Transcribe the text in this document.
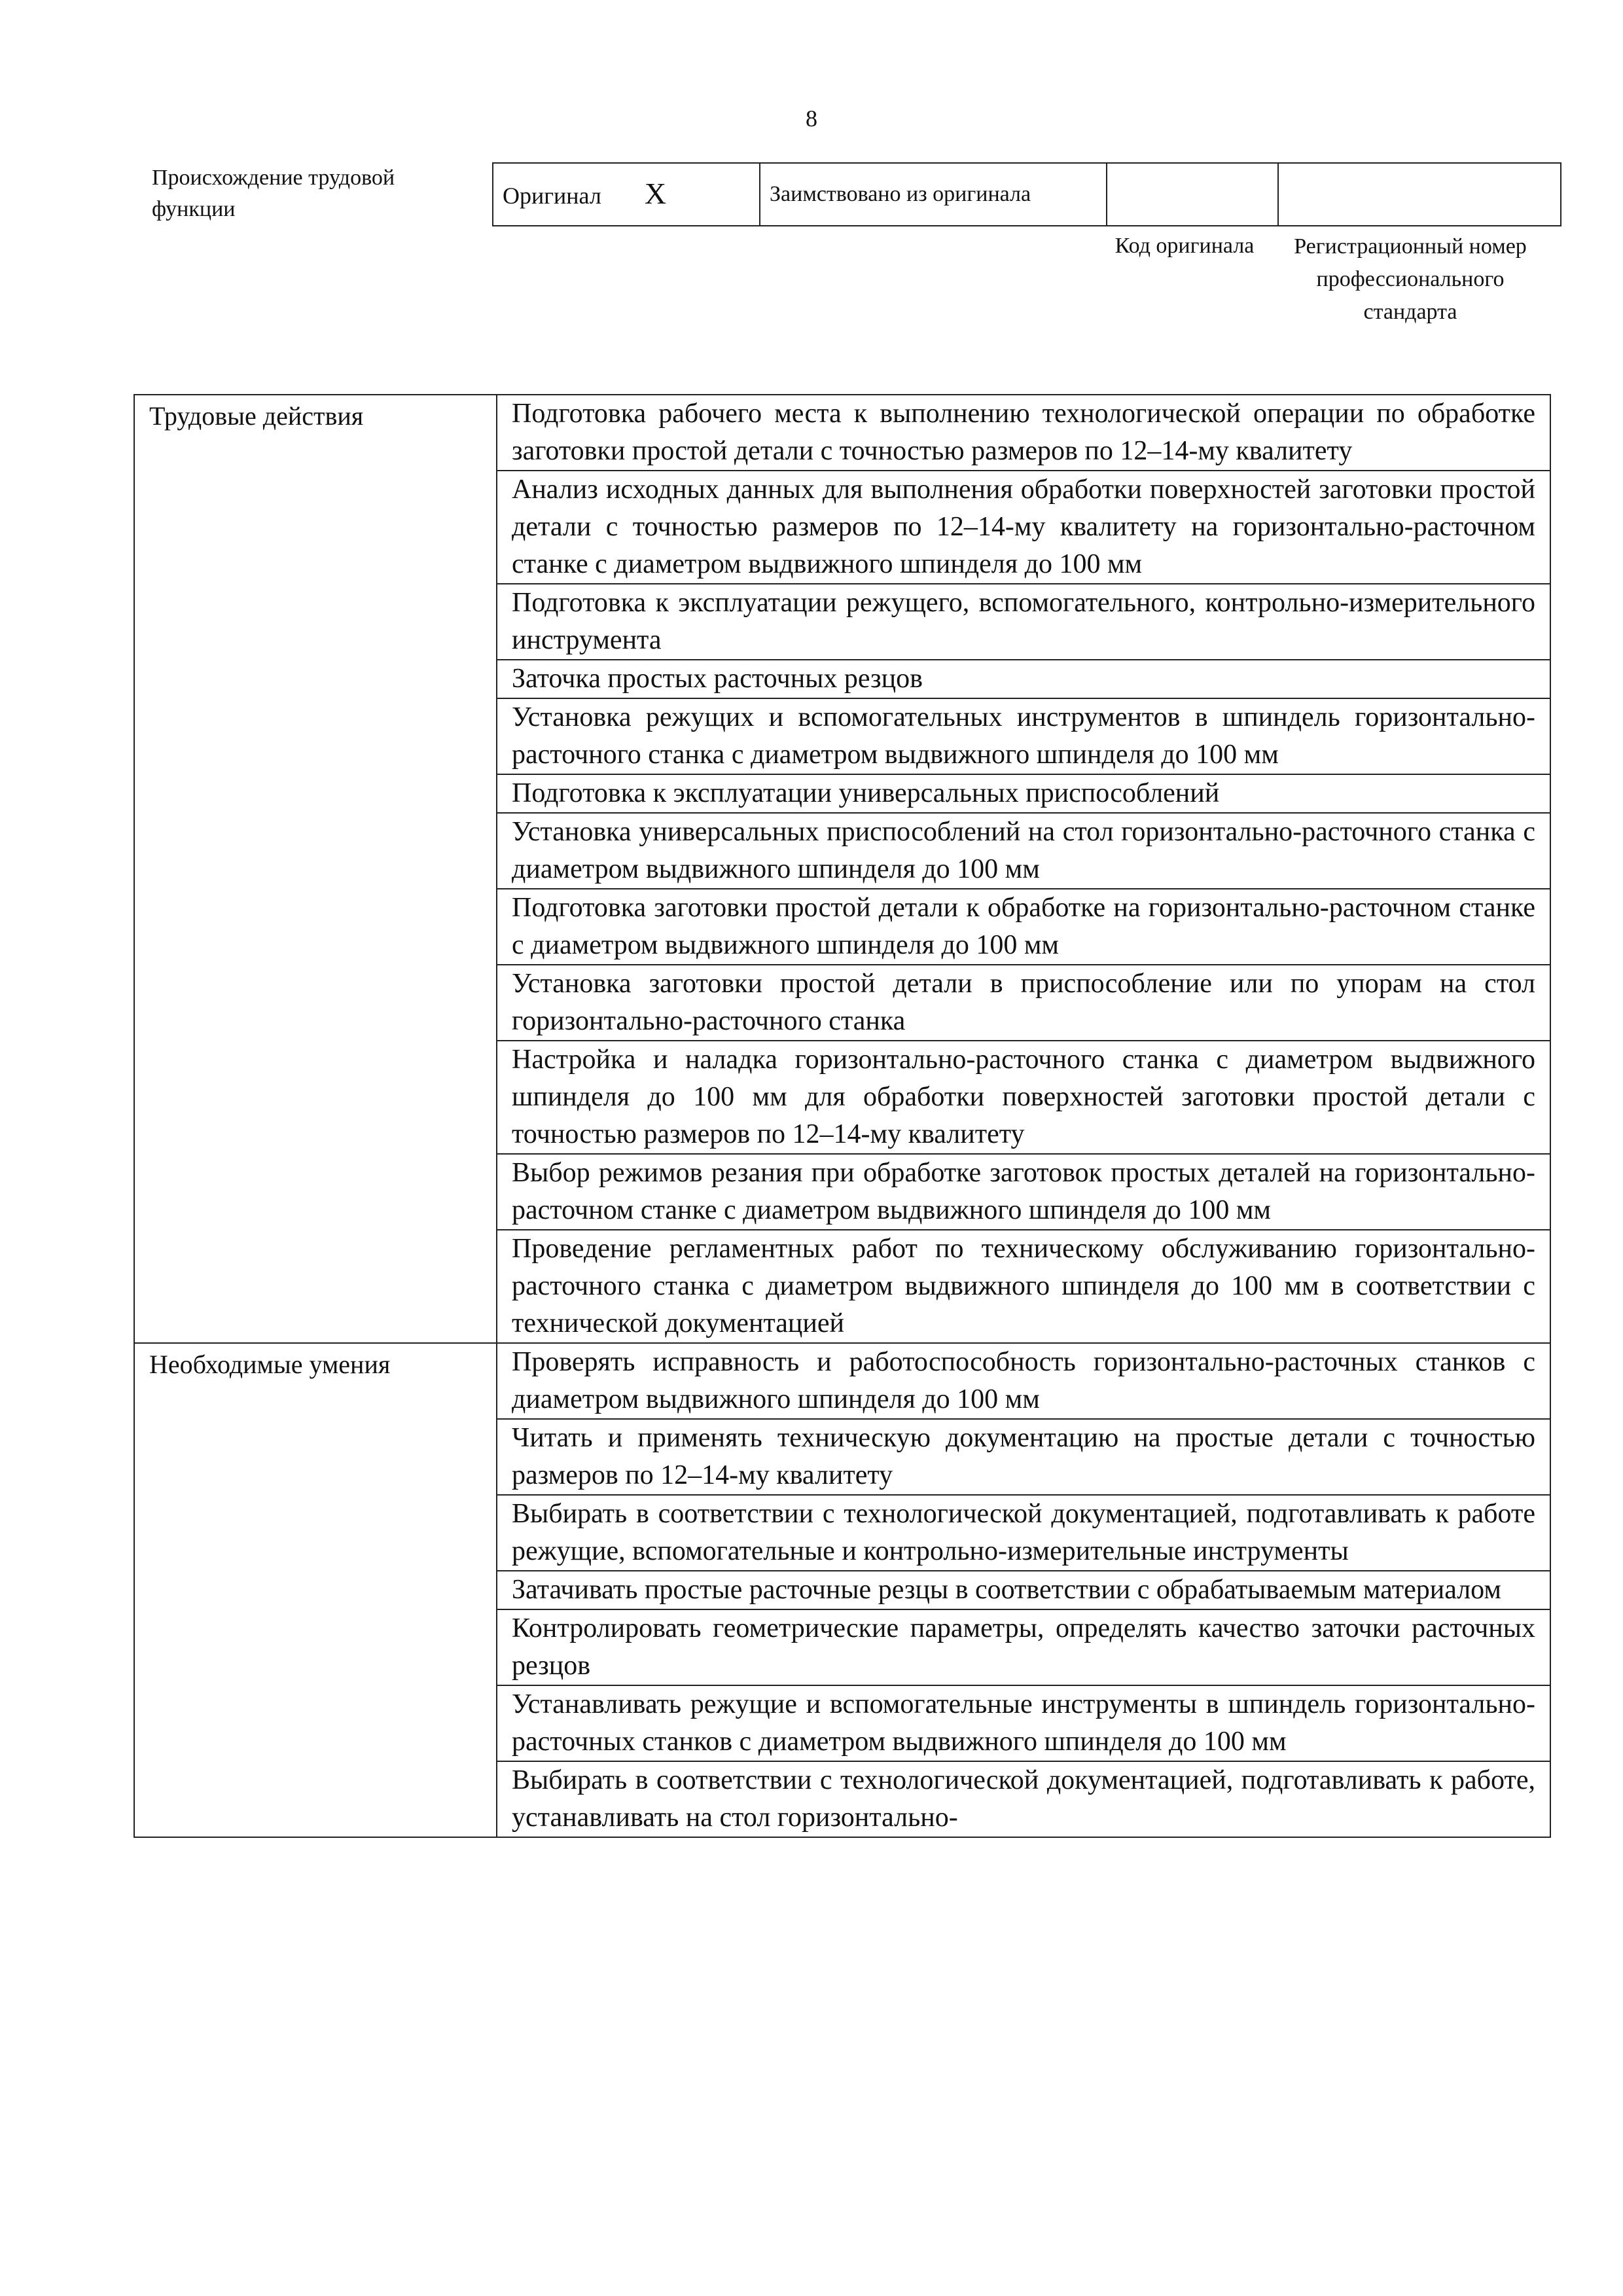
8
Происхождение трудовой функции
Оригинал X	Заимствовано из оригинала		
Код оригинала	Регистрационный номер профессионального стандарта
Трудовые действия	Подготовка рабочего места к выполнению технологической операции по обработке заготовки простой детали с точностью размеров по 12–14-му квалитету
	Анализ исходных данных для выполнения обработки поверхностей заготовки простой детали с точностью размеров по 12–14-му квалитету на горизонтально-расточном станке с диаметром выдвижного шпинделя до 100 мм
	Подготовка к эксплуатации режущего, вспомогательного, контрольно-измерительного инструмента
	Заточка простых расточных резцов
	Установка режущих и вспомогательных инструментов в шпиндель горизонтально-расточного станка с диаметром выдвижного шпинделя до 100 мм
	Подготовка к эксплуатации универсальных приспособлений
	Установка универсальных приспособлений на стол горизонтально-расточного станка с диаметром выдвижного шпинделя до 100 мм
	Подготовка заготовки простой детали к обработке на горизонтально-расточном станке с диаметром выдвижного шпинделя до 100 мм
	Установка заготовки простой детали в приспособление или по упорам на стол горизонтально-расточного станка
	Настройка и наладка горизонтально-расточного станка с диаметром выдвижного шпинделя до 100 мм для обработки поверхностей заготовки простой детали с точностью размеров по 12–14-му квалитету
	Выбор режимов резания при обработке заготовок простых деталей на горизонтально-расточном станке с диаметром выдвижного шпинделя до 100 мм
	Проведение регламентных работ по техническому обслуживанию горизонтально-расточного станка с диаметром выдвижного шпинделя до 100 мм в соответствии с технической документацией
Необходимые умения	Проверять исправность и работоспособность горизонтально-расточных станков с диаметром выдвижного шпинделя до 100 мм
	Читать и применять техническую документацию на простые детали с точностью размеров по 12–14-му квалитету
	Выбирать в соответствии с технологической документацией, подготавливать к работе режущие, вспомогательные и контрольно-измерительные инструменты
	Затачивать простые расточные резцы в соответствии с обрабатываемым материалом
	Контролировать геометрические параметры, определять качество заточки расточных резцов
	Устанавливать режущие и вспомогательные инструменты в шпиндель горизонтально-расточных станков с диаметром выдвижного шпинделя до 100 мм
	Выбирать в соответствии с технологической документацией, подготавливать к работе, устанавливать на стол горизонтально-
